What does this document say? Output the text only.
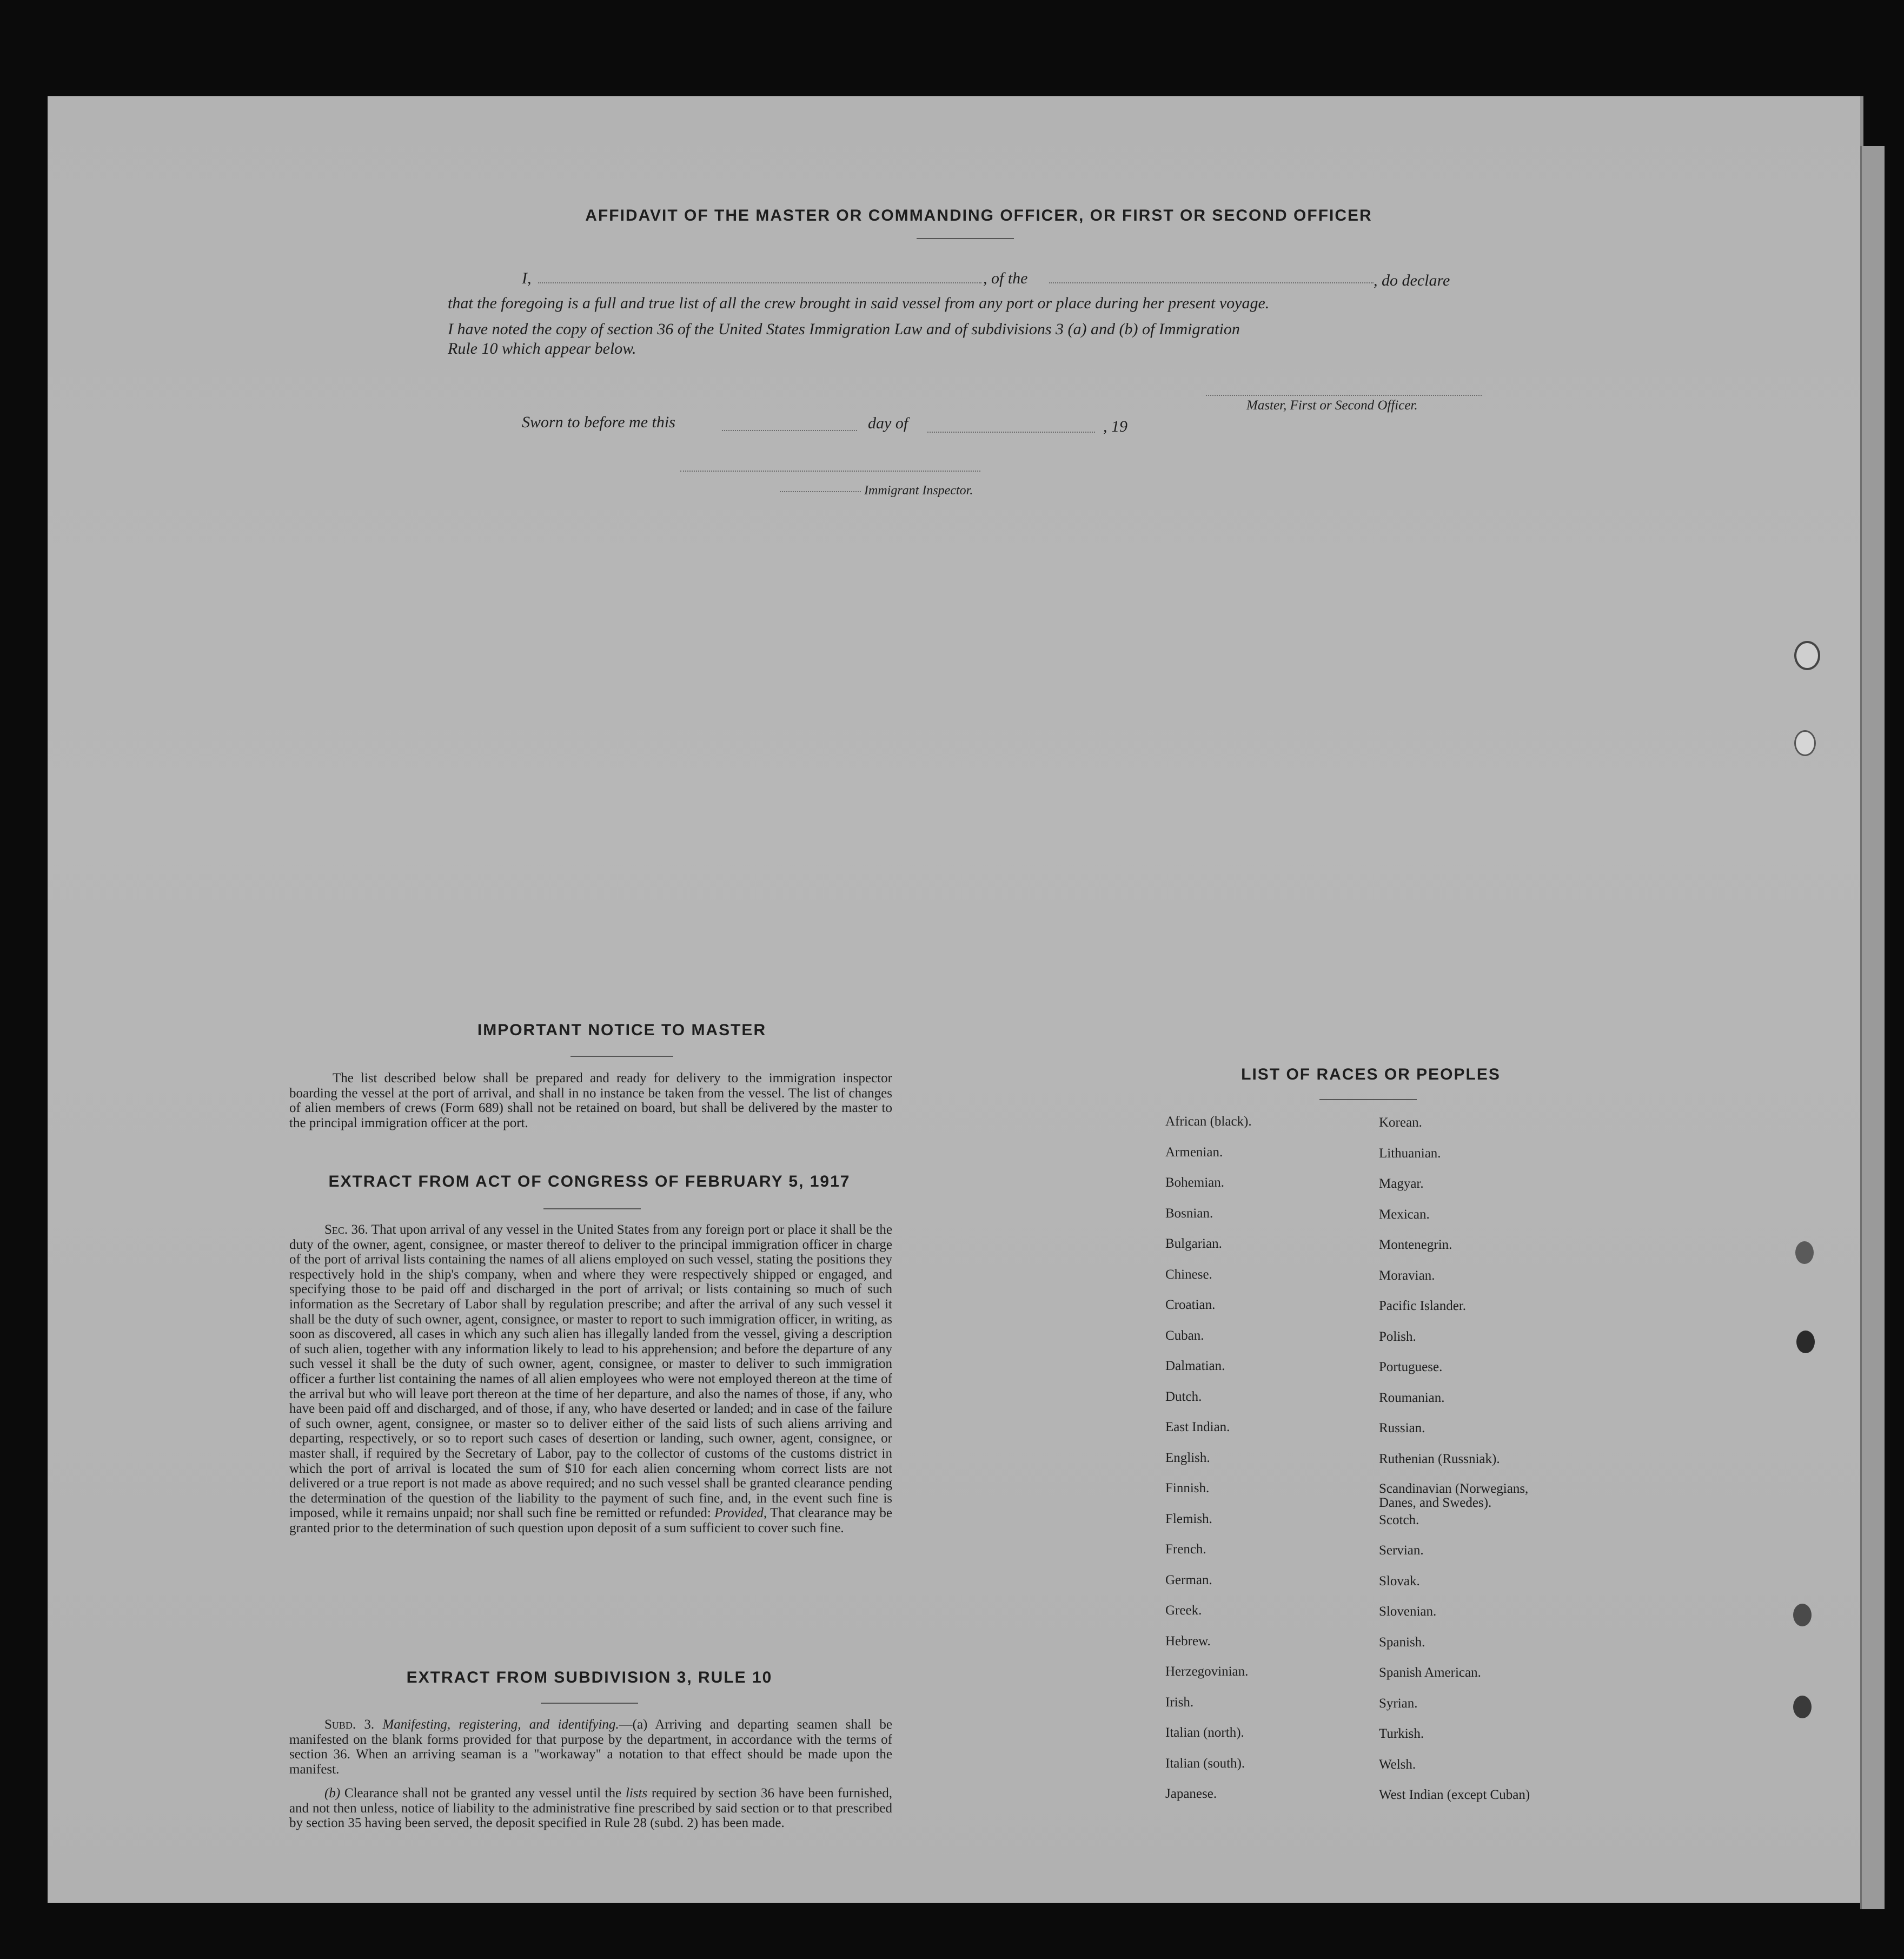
AFFIDAVIT OF THE MASTER OR COMMANDING OFFICER, OR FIRST OR SECOND OFFICER
I,	, of the	, do declare

that the foregoing is a full and true list of all the crew brought in said vessel from any port or place during her present voyage.

I have noted the copy of section 36 of the United States Immigration Law and of subdivisions 3 (a) and (b) of Immigration

Rule 10 which appear below.

Master, First or Second Officer.
Sworn to before me this	day of	, 19
Immigrant Inspector.
IMPORTANT NOTICE TO MASTER

The list described below shall be prepared and ready for delivery to the immigration inspector boarding the vessel at the port of arrival, and shall in no instance be taken from the vessel. The list of changes of alien members of crews (Form 689) shall not be retained on board, but shall be delivered by the master to the principal immigration officer at the port.

EXTRACT FROM ACT OF CONGRESS OF FEBRUARY 5, 1917

Sec. 36. That upon arrival of any vessel in the United States from any foreign port or place it shall be the duty of the owner, agent, consignee, or master thereof to deliver to the principal immigration officer in charge of the port of arrival lists containing the names of all aliens employed on such vessel, stating the positions they respectively hold in the ship's company, when and where they were respectively shipped or engaged, and specifying those to be paid off and discharged in the port of arrival; or lists containing so much of such information as the Secretary of Labor shall by regulation prescribe; and after the arrival of any such vessel it shall be the duty of such owner, agent, consignee, or master to report to such immigration officer, in writing, as soon as discovered, all cases in which any such alien has illegally landed from the vessel, giving a description of such alien, together with any information likely to lead to his apprehension; and before the departure of any such vessel it shall be the duty of such owner, agent, consignee, or master to deliver to such immigration officer a further list containing the names of all alien employees who were not employed thereon at the time of the arrival but who will leave port thereon at the time of her departure, and also the names of those, if any, who have been paid off and discharged, and of those, if any, who have deserted or landed; and in case of the failure of such owner, agent, consignee, or master so to deliver either of the said lists of such aliens arriving and departing, respectively, or so to report such cases of desertion or landing, such owner, agent, consignee, or master shall, if required by the Secretary of Labor, pay to the collector of customs of the customs district in which the port of arrival is located the sum of $10 for each alien concerning whom correct lists are not delivered or a true report is not made as above required; and no such vessel shall be granted clearance pending the determination of the question of the liability to the payment of such fine, and, in the event such fine is imposed, while it remains unpaid; nor shall such fine be remitted or refunded: Provided, That clearance may be granted prior to the determination of such question upon deposit of a sum sufficient to cover such fine.

EXTRACT FROM SUBDIVISION 3, RULE 10

Subd. 3. Manifesting, registering, and identifying.—(a) Arriving and departing seamen shall be manifested on the blank forms provided for that purpose by the department, in accordance with the terms of section 36. When an arriving seaman is a "workaway" a notation to that effect should be made upon the manifest.

(b) Clearance shall not be granted any vessel until the lists required by section 36 have been furnished, and not then unless, notice of liability to the administrative fine prescribed by said section or to that prescribed by section 35 having been served, the deposit specified in Rule 28 (subd. 2) has been made.

LIST OF RACES OR PEOPLES
African (black).
Armenian.
Bohemian.
Bosnian.
Bulgarian.
Chinese.
Croatian.
Cuban.
Dalmatian.
Dutch.
East Indian.
English.
Finnish.
Flemish.
French.
German.
Greek.
Hebrew.
Herzegovinian.
Irish.
Italian (north).
Italian (south).
Japanese.
Korean.
Lithuanian.
Magyar.
Mexican.
Montenegrin.
Moravian.
Pacific Islander.
Polish.
Portuguese.
Roumanian.
Russian.
Ruthenian (Russniak).
Scandinavian (Norwegians, Danes, and Swedes).
Scotch.
Servian.
Slovak.
Slovenian.
Spanish.
Spanish American.
Syrian.
Turkish.
Welsh.
West Indian (except Cuban)
